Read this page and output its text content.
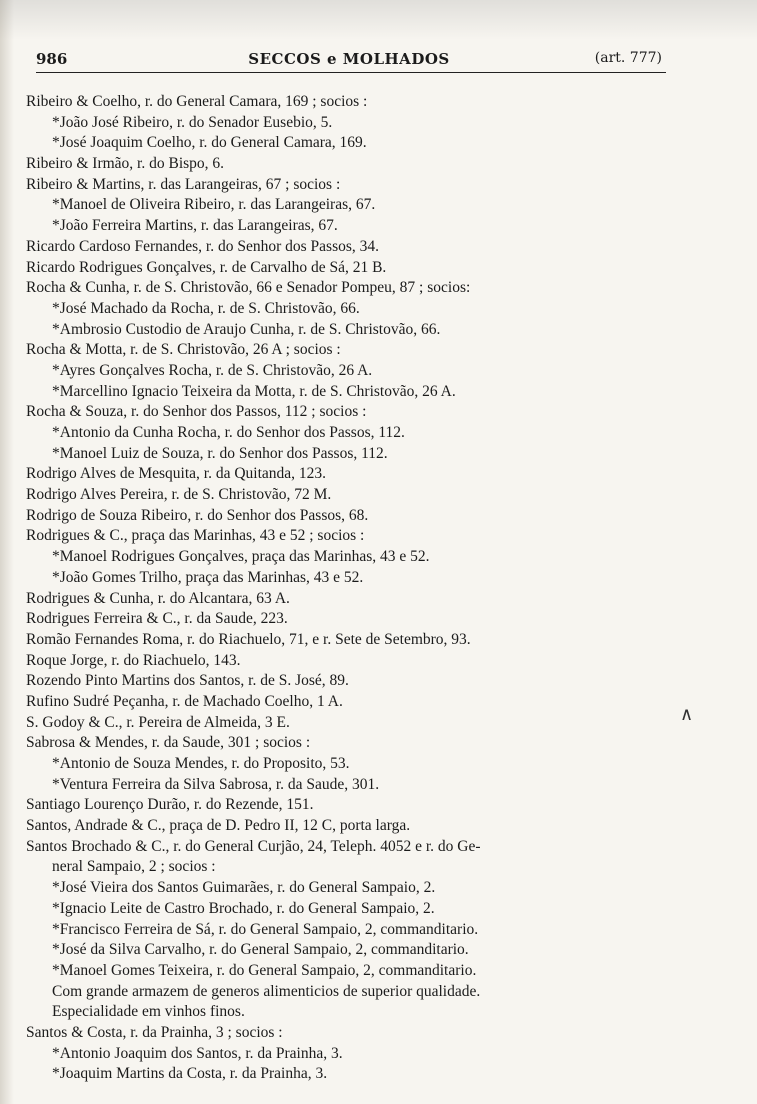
986	SECCOS e MOLHADOS	(art. 777)
Ribeiro & Coelho, r. do General Camara, 169 ; socios :
*João José Ribeiro, r. do Senador Eusebio, 5.
*José Joaquim Coelho, r. do General Camara, 169.
Ribeiro & Irmão, r. do Bispo, 6.
Ribeiro & Martins, r. das Larangeiras, 67 ; socios :
*Manoel de Oliveira Ribeiro, r. das Larangeiras, 67.
*João Ferreira Martins, r. das Larangeiras, 67.
Ricardo Cardoso Fernandes, r. do Senhor dos Passos, 34.
Ricardo Rodrigues Gonçalves, r. de Carvalho de Sá, 21 B.
Rocha & Cunha, r. de S. Christovão, 66 e Senador Pompeu, 87 ; socios:
*José Machado da Rocha, r. de S. Christovão, 66.
*Ambrosio Custodio de Araujo Cunha, r. de S. Christovão, 66.
Rocha & Motta, r. de S. Christovão, 26 A ; socios :
*Ayres Gonçalves Rocha, r. de S. Christovão, 26 A.
*Marcellino Ignacio Teixeira da Motta, r. de S. Christovão, 26 A.
Rocha & Souza, r. do Senhor dos Passos, 112 ; socios :
*Antonio da Cunha Rocha, r. do Senhor dos Passos, 112.
*Manoel Luiz de Souza, r. do Senhor dos Passos, 112.
Rodrigo Alves de Mesquita, r. da Quitanda, 123.
Rodrigo Alves Pereira, r. de S. Christovão, 72 M.
Rodrigo de Souza Ribeiro, r. do Senhor dos Passos, 68.
Rodrigues & C., praça das Marinhas, 43 e 52 ; socios :
*Manoel Rodrigues Gonçalves, praça das Marinhas, 43 e 52.
*João Gomes Trilho, praça das Marinhas, 43 e 52.
Rodrigues & Cunha, r. do Alcantara, 63 A.
Rodrigues Ferreira & C., r. da Saude, 223.
Romão Fernandes Roma, r. do Riachuelo, 71, e r. Sete de Setembro, 93.
Roque Jorge, r. do Riachuelo, 143.
Rozendo Pinto Martins dos Santos, r. de S. José, 89.
Rufino Sudré Peçanha, r. de Machado Coelho, 1 A.
S. Godoy & C., r. Pereira de Almeida, 3 E.
Sabrosa & Mendes, r. da Saude, 301 ; socios :
*Antonio de Souza Mendes, r. do Proposito, 53.
*Ventura Ferreira da Silva Sabrosa, r. da Saude, 301.
Santiago Lourenço Durão, r. do Rezende, 151.
Santos, Andrade & C., praça de D. Pedro II, 12 C, porta larga.
Santos Brochado & C., r. do General Curjão, 24, Teleph. 4052 e r. do Ge-
neral Sampaio, 2 ; socios :
*José Vieira dos Santos Guimarães, r. do General Sampaio, 2.
*Ignacio Leite de Castro Brochado, r. do General Sampaio, 2.
*Francisco Ferreira de Sá, r. do General Sampaio, 2, commanditario.
*José da Silva Carvalho, r. do General Sampaio, 2, commanditario.
*Manoel Gomes Teixeira, r. do General Sampaio, 2, commanditario.
Com grande armazem de generos alimenticios de superior qualidade.
Especialidade em vinhos finos.
Santos & Costa, r. da Prainha, 3 ; socios :
*Antonio Joaquim dos Santos, r. da Prainha, 3.
*Joaquim Martins da Costa, r. da Prainha, 3.
∧
